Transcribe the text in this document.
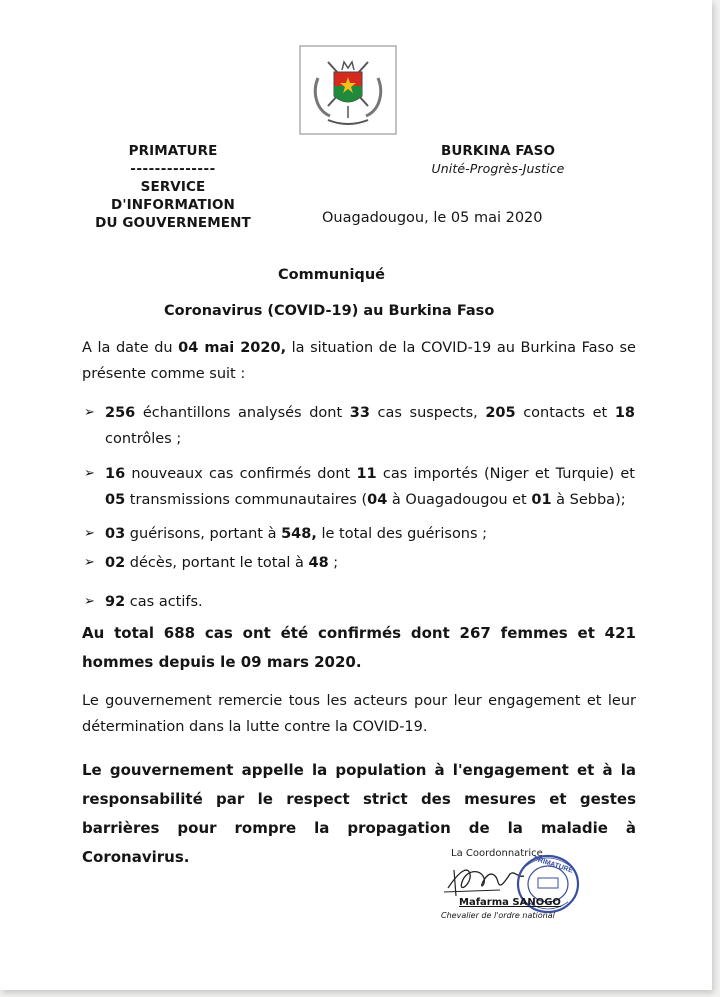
PRIMATURE
--------------
SERVICE D'INFORMATION
DU GOUVERNEMENT
BURKINA FASO
Unité-Progrès-Justice
Ouagadougou, le 05 mai 2020
Communiqué
Coronavirus (COVID-19) au Burkina Faso
A la date du 04 mai 2020, la situation de la COVID-19 au Burkina Faso se présente comme suit :
➢ 256 échantillons analysés dont 33 cas suspects, 205 contacts et 18 contrôles ;
➢ 16 nouveaux cas confirmés dont 11 cas importés (Niger et Turquie) et 05 transmissions communautaires (04 à Ouagadougou et 01 à Sebba);
➢ 03 guérisons, portant à 548, le total des guérisons ;
➢ 02 décès, portant le total à 48 ;
➢ 92 cas actifs.
Au total 688 cas ont été confirmés dont 267 femmes et 421 hommes depuis le 09 mars 2020.
Le gouvernement remercie tous les acteurs pour leur engagement et leur détermination dans la lutte contre la COVID-19.
Le gouvernement appelle la population à l'engagement et à la responsabilité par le respect strict des mesures et gestes barrières pour rompre la propagation de la maladie à Coronavirus.	La Coordonnatrice
PRIMATURE
Mafarma SANOGO
Chevalier de l'ordre national
